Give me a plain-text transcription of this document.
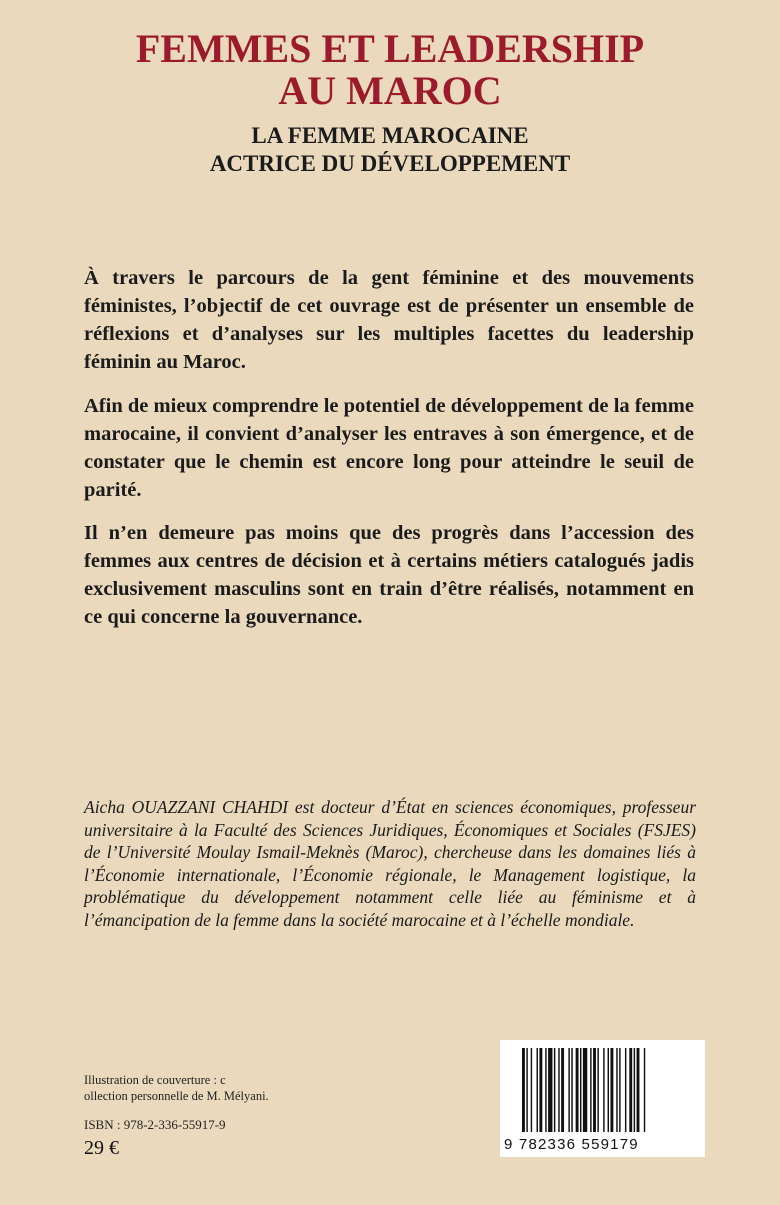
FEMMES ET LEADERSHIP
AU MAROC
LA FEMME MAROCAINE
ACTRICE DU DÉVELOPPEMENT

À travers le parcours de la gent féminine et des mouvements féministes, l’objectif de cet ouvrage est de présenter un ensemble de réflexions et d’analyses sur les multiples facettes du leadership féminin au Maroc.

Afin de mieux comprendre le potentiel de développement de la femme marocaine, il convient d’analyser les entraves à son émergence, et de constater que le chemin est encore long pour atteindre le seuil de parité.

Il n’en demeure pas moins que des progrès dans l’accession des femmes aux centres de décision et à certains métiers catalogués jadis exclusivement masculins sont en train d’être réalisés, notamment en ce qui concerne la gouvernance.

Aicha OUAZZANI CHAHDI est docteur d’État en sciences économiques, professeur universitaire à la Faculté des Sciences Juridiques, Économiques et Sociales (FSJES) de l’Université Moulay Ismail-Meknès (Maroc), chercheuse dans les domaines liés à l’Économie internationale, l’Économie régionale, le Management logistique, la problématique du développement notamment celle liée au féminisme et à l’émancipation de la femme dans la société marocaine et à l’échelle mondiale.

Illustration de couverture : c
ollection personnelle de M. Mélyani.
ISBN : 978-2-336-55917-9
29 €	9 782336 559179
